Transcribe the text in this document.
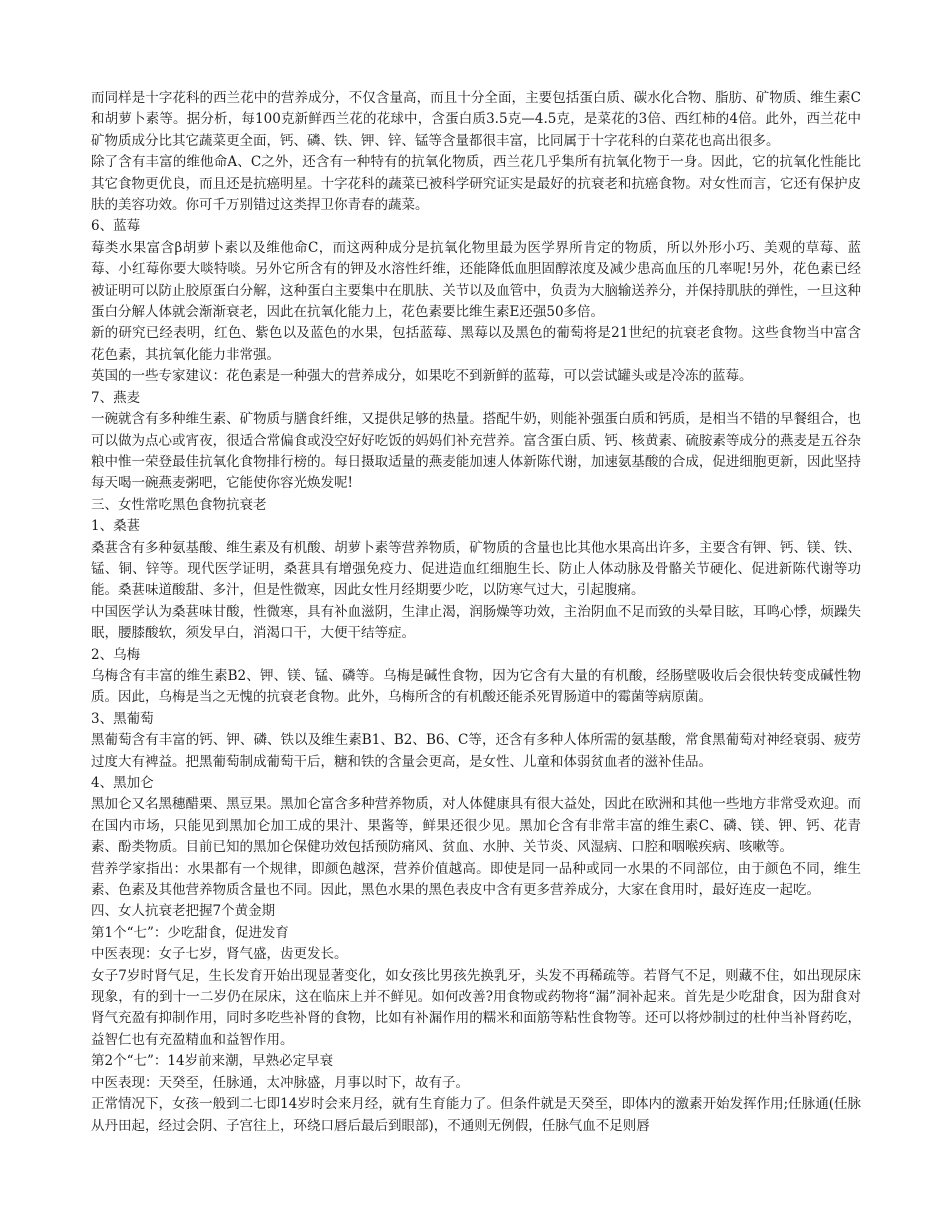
而同样是十字花科的西兰花中的营养成分，不仅含量高，而且十分全面，主要包括蛋白质、碳水化合物、脂肪、矿物质、维生素C和胡萝卜素等。据分析，每100克新鲜西兰花的花球中，含蛋白质3.5克—4.5克，是菜花的3倍、西红柿的4倍。此外，西兰花中矿物质成分比其它蔬菜更全面，钙、磷、铁、钾、锌、锰等含量都很丰富，比同属于十字花科的白菜花也高出很多。

除了含有丰富的维他命A、C之外，还含有一种特有的抗氧化物质，西兰花几乎集所有抗氧化物于一身。因此，它的抗氧化性能比其它食物更优良，而且还是抗癌明星。十字花科的蔬菜已被科学研究证实是最好的抗衰老和抗癌食物。对女性而言，它还有保护皮肤的美容功效。你可千万别错过这类捍卫你青春的蔬菜。

6、蓝莓

莓类水果富含β胡萝卜素以及维他命C，而这两种成分是抗氧化物里最为医学界所肯定的物质，所以外形小巧、美观的草莓、蓝莓、小红莓你要大啖特啖。另外它所含有的钾及水溶性纤维，还能降低血胆固醇浓度及减少患高血压的几率呢!另外，花色素已经被证明可以防止胶原蛋白分解，这种蛋白主要集中在肌肤、关节以及血管中，负责为大脑输送养分，并保持肌肤的弹性，一旦这种蛋白分解人体就会渐渐衰老，因此在抗氧化能力上，花色素要比维生素E还强50多倍。

新的研究已经表明，红色、紫色以及蓝色的水果，包括蓝莓、黑莓以及黑色的葡萄将是21世纪的抗衰老食物。这些食物当中富含花色素，其抗氧化能力非常强。

英国的一些专家建议：花色素是一种强大的营养成分，如果吃不到新鲜的蓝莓，可以尝试罐头或是冷冻的蓝莓。

7、燕麦

一碗就含有多种维生素、矿物质与膳食纤维，又提供足够的热量。搭配牛奶，则能补强蛋白质和钙质，是相当不错的早餐组合，也可以做为点心或宵夜，很适合常偏食或没空好好吃饭的妈妈们补充营养。富含蛋白质、钙、核黄素、硫胺素等成分的燕麦是五谷杂粮中惟一荣登最佳抗氧化食物排行榜的。每日摄取适量的燕麦能加速人体新陈代谢，加速氨基酸的合成，促进细胞更新，因此坚持每天喝一碗燕麦粥吧，它能使你容光焕发呢!

三、女性常吃黑色食物抗衰老

1、桑葚

桑葚含有多种氨基酸、维生素及有机酸、胡萝卜素等营养物质，矿物质的含量也比其他水果高出许多，主要含有钾、钙、镁、铁、锰、铜、锌等。现代医学证明，桑葚具有增强免疫力、促进造血红细胞生长、防止人体动脉及骨骼关节硬化、促进新陈代谢等功能。桑葚味道酸甜、多汁，但是性微寒，因此女性月经期要少吃，以防寒气过大，引起腹痛。

中国医学认为桑葚味甘酸，性微寒，具有补血滋阴，生津止渴，润肠燥等功效，主治阴血不足而致的头晕目眩，耳鸣心悸，烦躁失眠，腰膝酸软，须发早白，消渴口干，大便干结等症。

2、乌梅

乌梅含有丰富的维生素B2、钾、镁、锰、磷等。乌梅是碱性食物，因为它含有大量的有机酸，经肠壁吸收后会很快转变成碱性物质。因此，乌梅是当之无愧的抗衰老食物。此外，乌梅所含的有机酸还能杀死胃肠道中的霉菌等病原菌。

3、黑葡萄

黑葡萄含有丰富的钙、钾、磷、铁以及维生素B1、B2、B6、C等，还含有多种人体所需的氨基酸，常食黑葡萄对神经衰弱、疲劳过度大有裨益。把黑葡萄制成葡萄干后，糖和铁的含量会更高，是女性、儿童和体弱贫血者的滋补佳品。

4、黑加仑

黑加仑又名黑穗醋栗、黑豆果。黑加仑富含多种营养物质，对人体健康具有很大益处，因此在欧洲和其他一些地方非常受欢迎。而在国内市场，只能见到黑加仑加工成的果汁、果酱等，鲜果还很少见。黑加仑含有非常丰富的维生素C、磷、镁、钾、钙、花青素、酚类物质。目前已知的黑加仑保健功效包括预防痛风、贫血、水肿、关节炎、风湿病、口腔和咽喉疾病、咳嗽等。

营养学家指出：水果都有一个规律，即颜色越深，营养价值越高。即使是同一品种或同一水果的不同部位，由于颜色不同，维生素、色素及其他营养物质含量也不同。因此，黑色水果的黑色表皮中含有更多营养成分，大家在食用时，最好连皮一起吃。

四、女人抗衰老把握7个黄金期

第1个“七”：少吃甜食，促进发育

中医表现：女子七岁，肾气盛，齿更发长。

女子7岁时肾气足，生长发育开始出现显著变化，如女孩比男孩先换乳牙，头发不再稀疏等。若肾气不足，则藏不住，如出现尿床现象，有的到十一二岁仍在尿床，这在临床上并不鲜见。如何改善?用食物或药物将“漏”洞补起来。首先是少吃甜食，因为甜食对肾气充盈有抑制作用，同时多吃些补肾的食物，比如有补漏作用的糯米和面筋等粘性食物等。还可以将炒制过的杜仲当补肾药吃，益智仁也有充盈精血和益智作用。

第2个“七”：14岁前来潮，早熟必定早衰

中医表现：天癸至，任脉通，太冲脉盛，月事以时下，故有子。

正常情况下，女孩一般到二七即14岁时会来月经，就有生育能力了。但条件就是天癸至，即体内的激素开始发挥作用;任脉通(任脉从丹田起，经过会阴、子宫往上，环绕口唇后最后到眼部)，不通则无例假，任脉气血不足则唇
